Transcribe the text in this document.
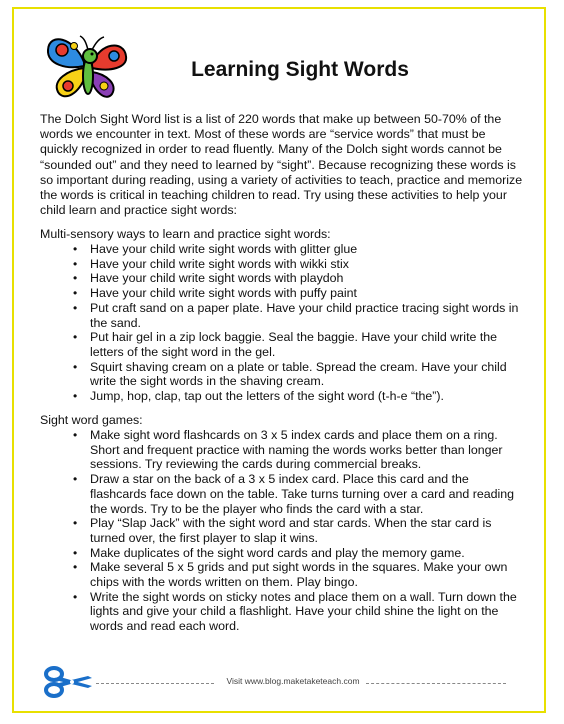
Learning Sight Words

The Dolch Sight Word list is a list of 220 words that make up between 50-70% of the words we encounter in text. Most of these words are “service words” that must be quickly recognized in order to read fluently. Many of the Dolch sight words cannot be “sounded out” and they need to learned by “sight”. Because recognizing these words is so important during reading, using a variety of activities to teach, practice and memorize the words is critical in teaching children to read. Try using these activities to help your child learn and practice sight words:

Multi-sensory ways to learn and practice sight words:

• Have your child write sight words with glitter glue
• Have your child write sight words with wikki stix
• Have your child write sight words with playdoh
• Have your child write sight words with puffy paint
• Put craft sand on a paper plate. Have your child practice tracing sight words in the sand.
• Put hair gel in a zip lock baggie. Seal the baggie. Have your child write the letters of the sight word in the gel.
• Squirt shaving cream on a plate or table. Spread the cream. Have your child write the sight words in the shaving cream.
• Jump, hop, clap, tap out the letters of the sight word (t-h-e “the”).

Sight word games:

• Make sight word flashcards on 3 x 5 index cards and place them on a ring. Short and frequent practice with naming the words works better than longer sessions. Try reviewing the cards during commercial breaks.
• Draw a star on the back of a 3 x 5 index card. Place this card and the flashcards face down on the table. Take turns turning over a card and reading the words. Try to be the player who finds the card with a star.
• Play “Slap Jack” with the sight word and star cards. When the star card is turned over, the first player to slap it wins.
• Make duplicates of the sight word cards and play the memory game.
• Make several 5 x 5 grids and put sight words in the squares. Make your own chips with the words written on them. Play bingo.
• Write the sight words on sticky notes and place them on a wall. Turn down the lights and give your child a flashlight. Have your child shine the light on the words and read each word.
Visit www.blog.maketaketeach.com
